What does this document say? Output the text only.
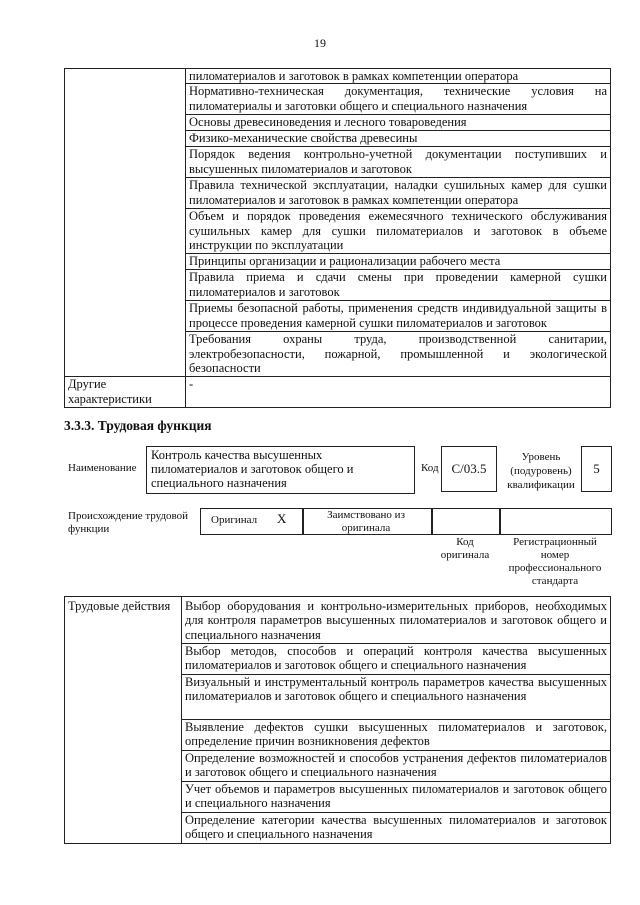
19
	пиломатериалов и заготовок в рамках компетенции оператора
	Нормативно-техническая документация, технические условия на пиломатериалы и заготовки общего и специального назначения
	Основы древесиноведения и лесного товароведения
	Физико-механические свойства древесины
	Порядок ведения контрольно-учетной документации поступивших и высушенных пиломатериалов и заготовок
	Правила технической эксплуатации, наладки сушильных камер для сушки пиломатериалов и заготовок в рамках компетенции оператора
	Объем и порядок проведения ежемесячного технического обслуживания сушильных камер для сушки пиломатериалов и заготовок в объеме инструкции по эксплуатации
	Принципы организации и рационализации рабочего места
	Правила приема и сдачи смены при проведении камерной сушки пиломатериалов и заготовок
	Приемы безопасной работы, применения средств индивидуальной защиты в процессе проведения камерной сушки пиломатериалов и заготовок
	Требования охраны труда, производственной санитарии, электробезопасности, пожарной, промышленной и экологической безопасности
Другие характеристики	-
3.3.3. Трудовая функция
Наименование
Контроль качества высушенных пиломатериалов и заготовок общего и специального назначения
Код С/03.5
Уровень (подуровень) квалификации
5
Происхождение трудовой функции
Оригинал X	Заимствовано из оригинала
Код оригинала
Регистрационный номер профессионального стандарта
Трудовые действия	Выбор оборудования и контрольно-измерительных приборов, необходимых для контроля параметров высушенных пиломатериалов и заготовок общего и специального назначения
Выбор методов, способов и операций контроля качества высушенных пиломатериалов и заготовок общего и специального назначения
Визуальный и инструментальный контроль параметров качества высушенных пиломатериалов и заготовок общего и специального назначения
Выявление дефектов сушки высушенных пиломатериалов и заготовок, определение причин возникновения дефектов
Определение возможностей и способов устранения дефектов пиломатериалов и заготовок общего и специального назначения
Учет объемов и параметров высушенных пиломатериалов и заготовок общего и специального назначения
Определение категории качества высушенных пиломатериалов и заготовок общего и специального назначения
